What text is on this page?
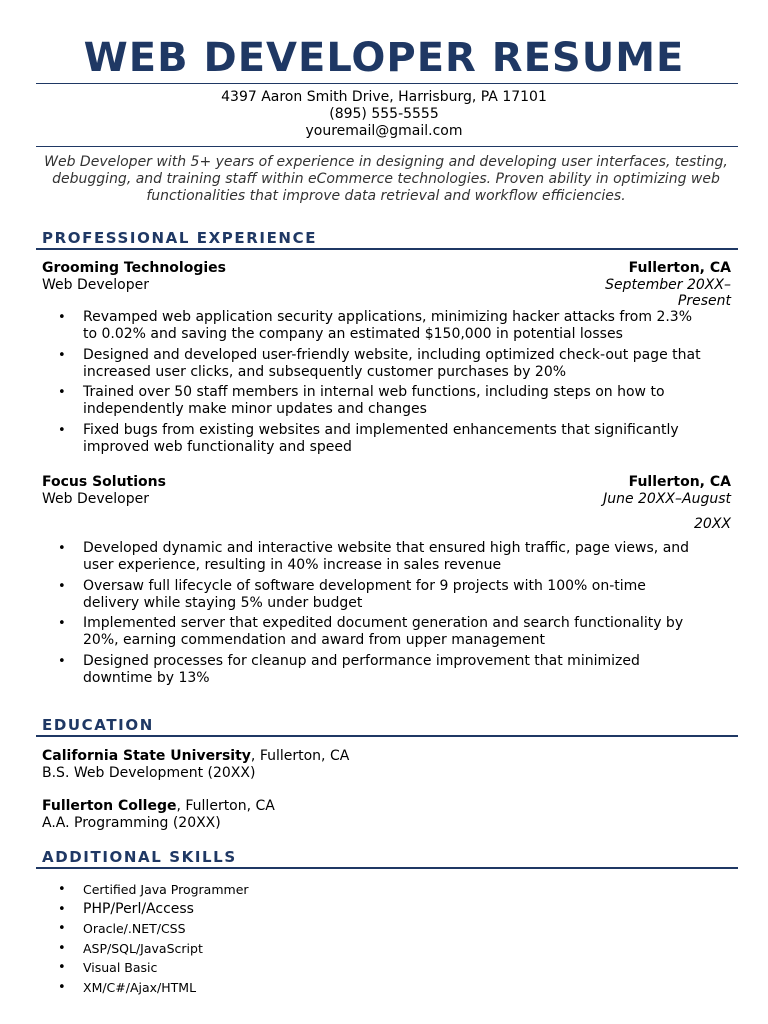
WEB DEVELOPER RESUME
4397 Aaron Smith Drive, Harrisburg, PA 17101
(895) 555-5555
youremail@gmail.com
Web Developer with 5+ years of experience in designing and developing user interfaces, testing, debugging, and training staff within eCommerce technologies. Proven ability in optimizing web functionalities that improve data retrieval and workflow efficiencies.
PROFESSIONAL EXPERIENCE
Grooming Technologies	Fullerton, CA
Web Developer	September 20XX–
Present
• Revamped web application security applications, minimizing hacker attacks from 2.3% to 0.02% and saving the company an estimated $150,000 in potential losses
• Designed and developed user-friendly website, including optimized check-out page that increased user clicks, and subsequently customer purchases by 20%
• Trained over 50 staff members in internal web functions, including steps on how to independently make minor updates and changes
• Fixed bugs from existing websites and implemented enhancements that significantly improved web functionality and speed
Focus Solutions	Fullerton, CA
Web Developer	June 20XX–August
20XX
• Developed dynamic and interactive website that ensured high traffic, page views, and user experience, resulting in 40% increase in sales revenue
• Oversaw full lifecycle of software development for 9 projects with 100% on-time delivery while staying 5% under budget
• Implemented server that expedited document generation and search functionality by 20%, earning commendation and award from upper management
• Designed processes for cleanup and performance improvement that minimized downtime by 13%
EDUCATION
California State University, Fullerton, CA
B.S. Web Development (20XX)
Fullerton College, Fullerton, CA
A.A. Programming (20XX)
ADDITIONAL SKILLS
• Certified Java Programmer
• PHP/Perl/Access
• Oracle/.NET/CSS
• ASP/SQL/JavaScript
• Visual Basic
• XM/C#/Ajax/HTML
